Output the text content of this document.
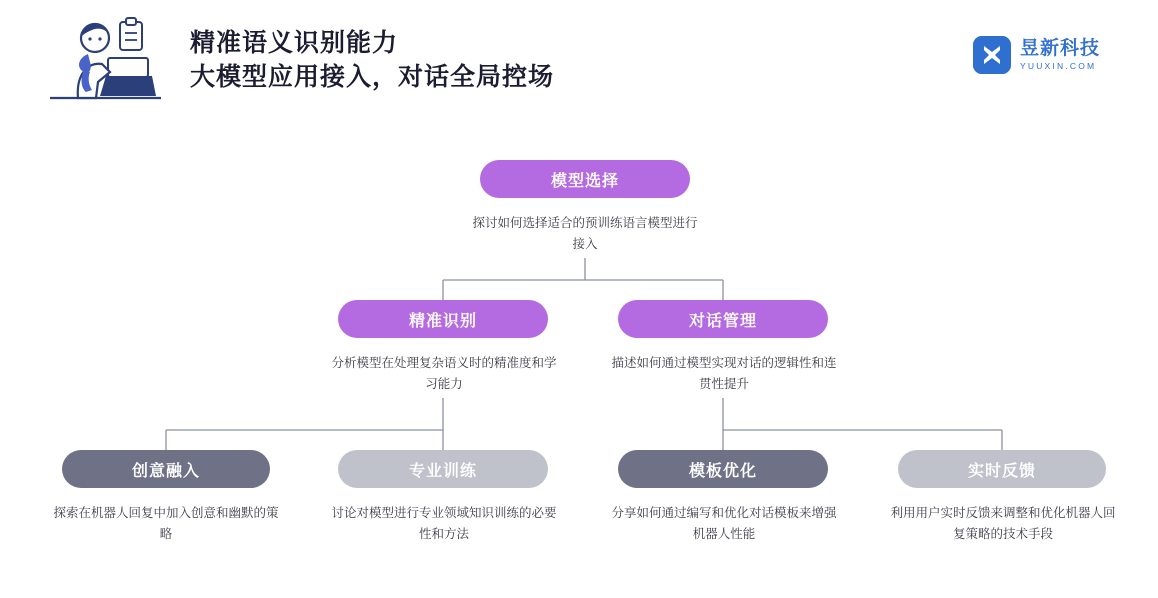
精准语义识别能力
大模型应用接入，对话全局控场
昱新科技
YUUXIN.COM
模型选择
探讨如何选择适合的预训练语言模型进行接入
精准识别
分析模型在处理复杂语义时的精准度和学习能力
对话管理
描述如何通过模型实现对话的逻辑性和连贯性提升
创意融入
探索在机器人回复中加入创意和幽默的策略
专业训练
讨论对模型进行专业领域知识训练的必要性和方法
模板优化
分享如何通过编写和优化对话模板来增强机器人性能
实时反馈
利用用户实时反馈来调整和优化机器人回复策略的技术手段
